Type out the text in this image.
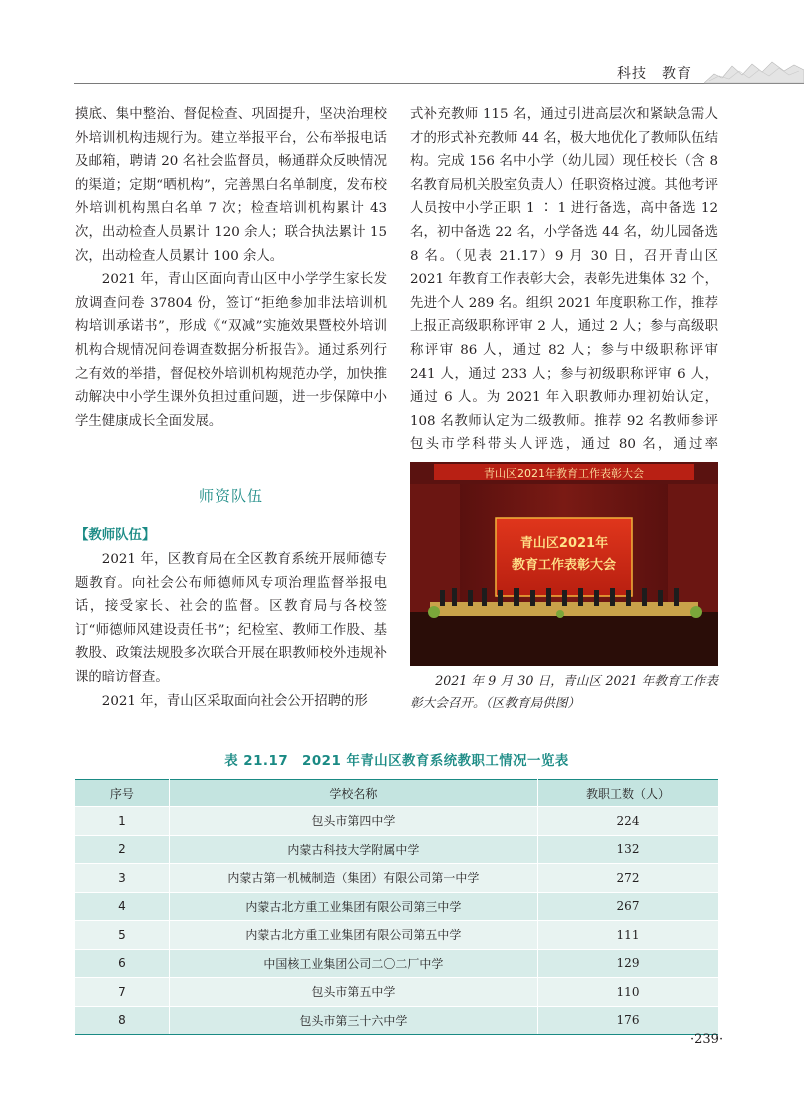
科技　教育

摸底、集中整治、督促检查、巩固提升，坚决治理校外培训机构违规行为。建立举报平台，公布举报电话及邮箱，聘请 20 名社会监督员，畅通群众反映情况的渠道；定期“晒机构”，完善黑白名单制度，发布校外培训机构黑白名单 7 次；检查培训机构累计 43 次，出动检查人员累计 120 余人；联合执法累计 15 次，出动检查人员累计 100 余人。

2021 年，青山区面向青山区中小学学生家长发放调查问卷 37804 份，签订“拒绝参加非法培训机构培训承诺书”，形成《“双减”实施效果暨校外培训机构合规情况问卷调查数据分析报告》。通过系列行之有效的举措，督促校外培训机构规范办学，加快推动解决中小学生课外负担过重问题，进一步保障中小学生健康成长全面发展。

师资队伍
【教师队伍】

2021 年，区教育局在全区教育系统开展师德专题教育。向社会公布师德师风专项治理监督举报电话，接受家长、社会的监督。区教育局与各校签订“师德师风建设责任书”；纪检室、教师工作股、基教股、政策法规股多次联合开展在职教师校外违规补课的暗访督查。

2021 年，青山区采取面向社会公开招聘的形

式补充教师 115 名，通过引进高层次和紧缺急需人才的形式补充教师 44 名，极大地优化了教师队伍结构。完成 156 名中小学（幼儿园）现任校长（含 8 名教育局机关股室负责人）任职资格过渡。其他考评人员按中小学正职 1 ∶ 1 进行备选，高中备选 12 名，初中备选 22 名，小学备选 44 名，幼儿园备选 8 名。（见表 21.17）9 月 30 日，召开青山区 2021 年教育工作表彰大会，表彰先进集体 32 个，先进个人 289 名。组织 2021 年度职称工作，推荐上报正高级职称评审 2 人，通过 2 人；参与高级职称评审 86 人，通过 82 人；参与中级职称评审 241 人，通过 233 人；参与初级职称评审 6 人，通过 6 人。为 2021 年入职教师办理初始认定，108 名教师认定为二级教师。推荐 92 名教师参评包头市学科带头人评选，通过 80 名，通过率

青山区2021年教育工作表彰大会
青山区2021年
教育工作表彰大会
2021 年 9 月 30 日，青山区 2021 年教育工作表彰大会召开。（区教育局供图）
表 21.17　2021 年青山区教育系统教职工情况一览表
序号	学校名称	教职工数（人）
1	包头市第四中学	224
2	内蒙古科技大学附属中学	132
3	内蒙古第一机械制造（集团）有限公司第一中学	272
4	内蒙古北方重工业集团有限公司第三中学	267
5	内蒙古北方重工业集团有限公司第五中学	111
6	中国核工业集团公司二〇二厂中学	129
7	包头市第五中学	110
8	包头市第三十六中学	176
·239·
